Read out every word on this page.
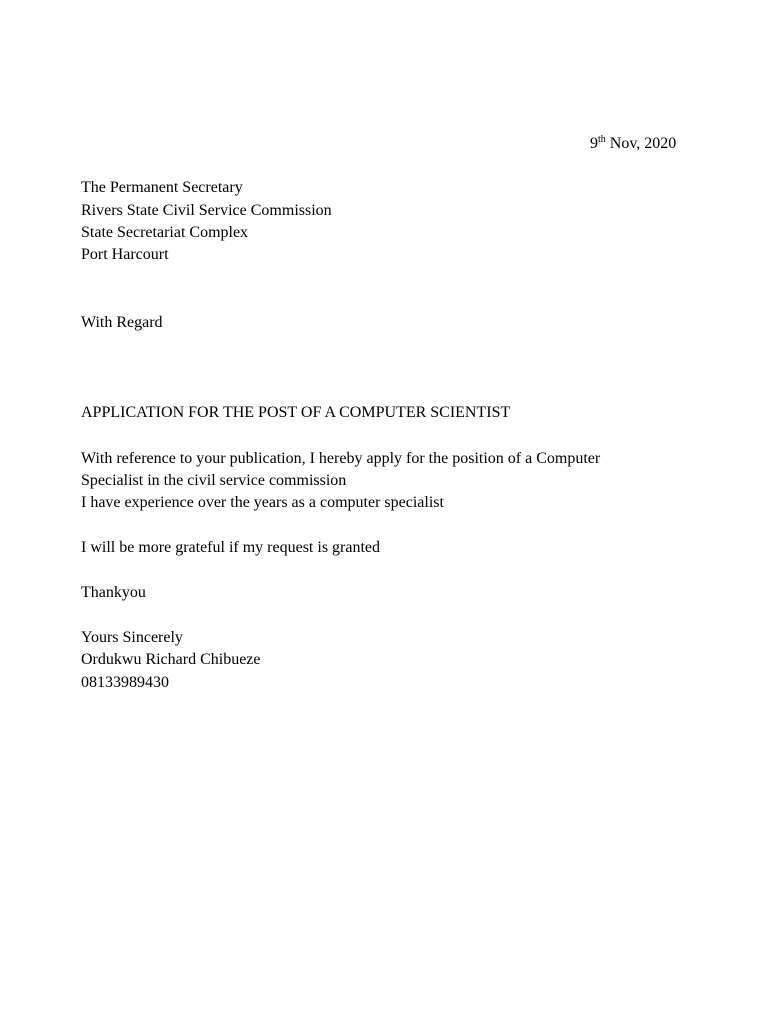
9th Nov, 2020
The Permanent Secretary
Rivers State Civil Service Commission
State Secretariat Complex
Port Harcourt
With Regard
APPLICATION FOR THE POST OF A COMPUTER SCIENTIST
With reference to your publication, I hereby apply for the position of a Computer
Specialist in the civil service commission
I have experience over the years as a computer specialist
I will be more grateful if my request is granted
Thankyou
Yours Sincerely
Ordukwu Richard Chibueze
08133989430
